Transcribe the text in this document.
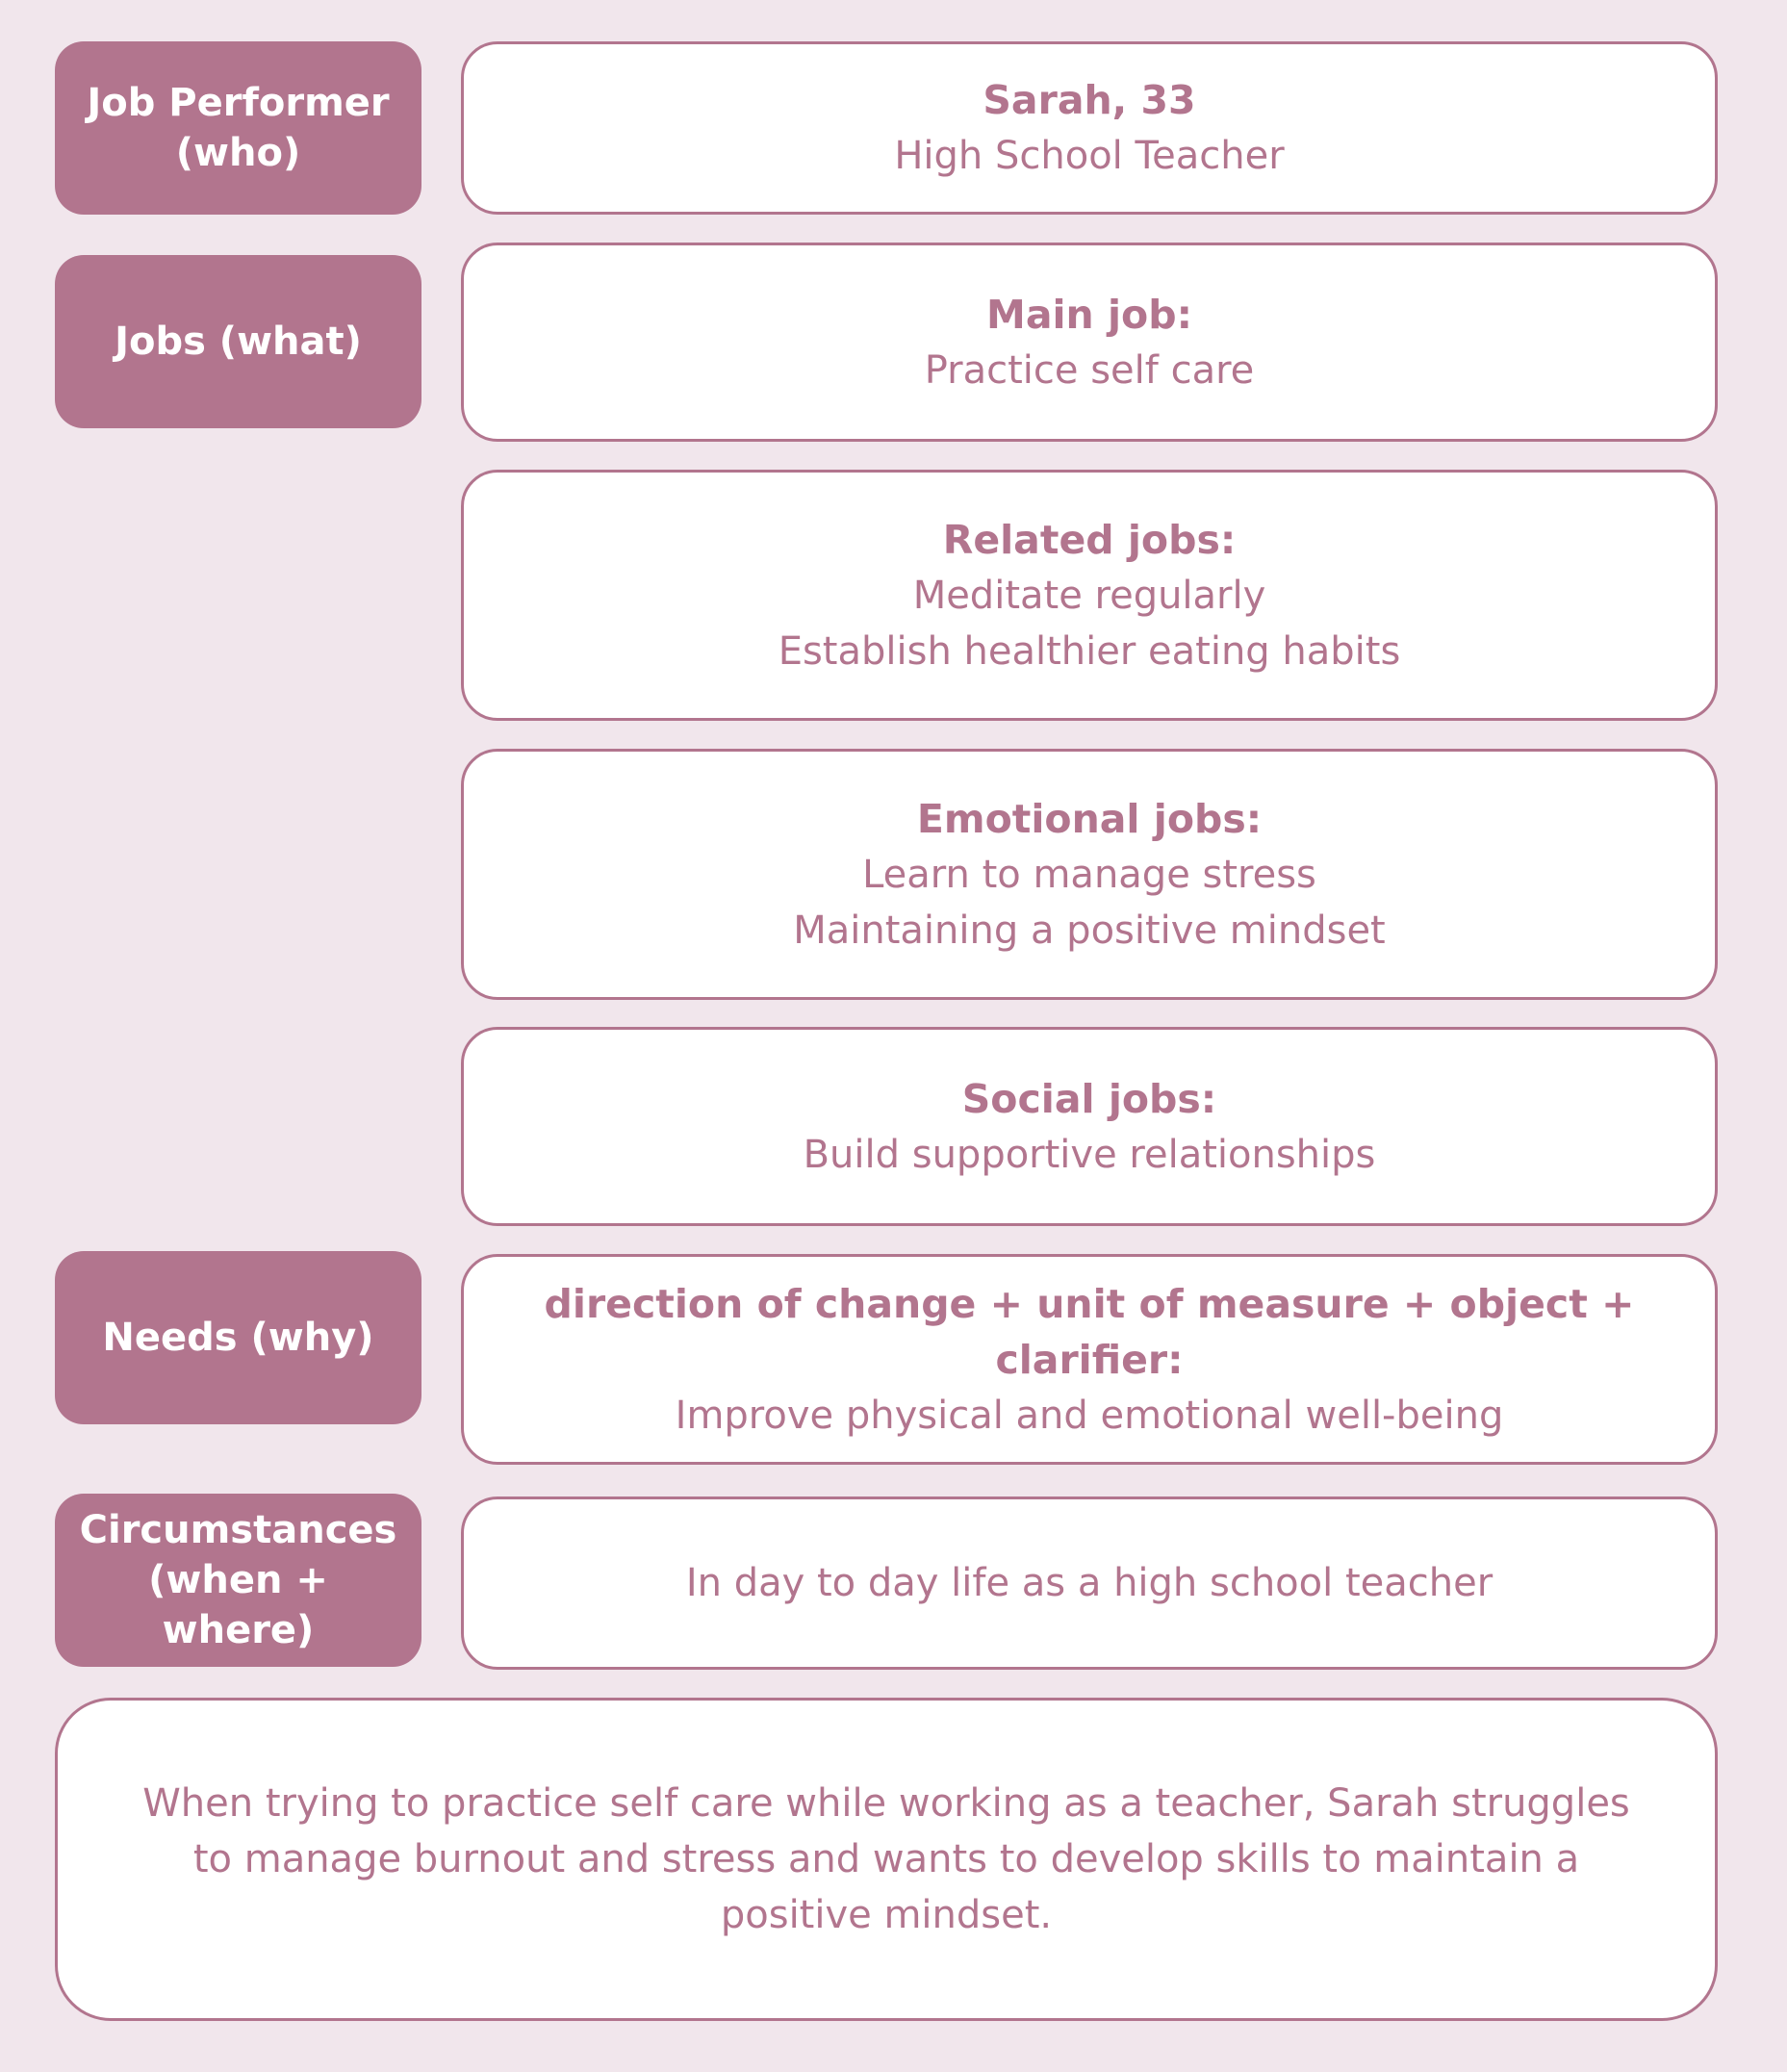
Job Performer
(who)
Sarah, 33
High School Teacher
Jobs (what)
Main job:
Practice self care
Related jobs:
Meditate regularly
Establish healthier eating habits
Emotional jobs:
Learn to manage stress
Maintaining a positive mindset
Social jobs:
Build supportive relationships
Needs (why)
direction of change + unit of measure + object + clarifier:
Improve physical and emotional well-being
Circumstances
(when + where)
In day to day life as a high school teacher
When trying to practice self care while working as a teacher, Sarah struggles to manage burnout and stress and wants to develop skills to maintain a positive mindset.
